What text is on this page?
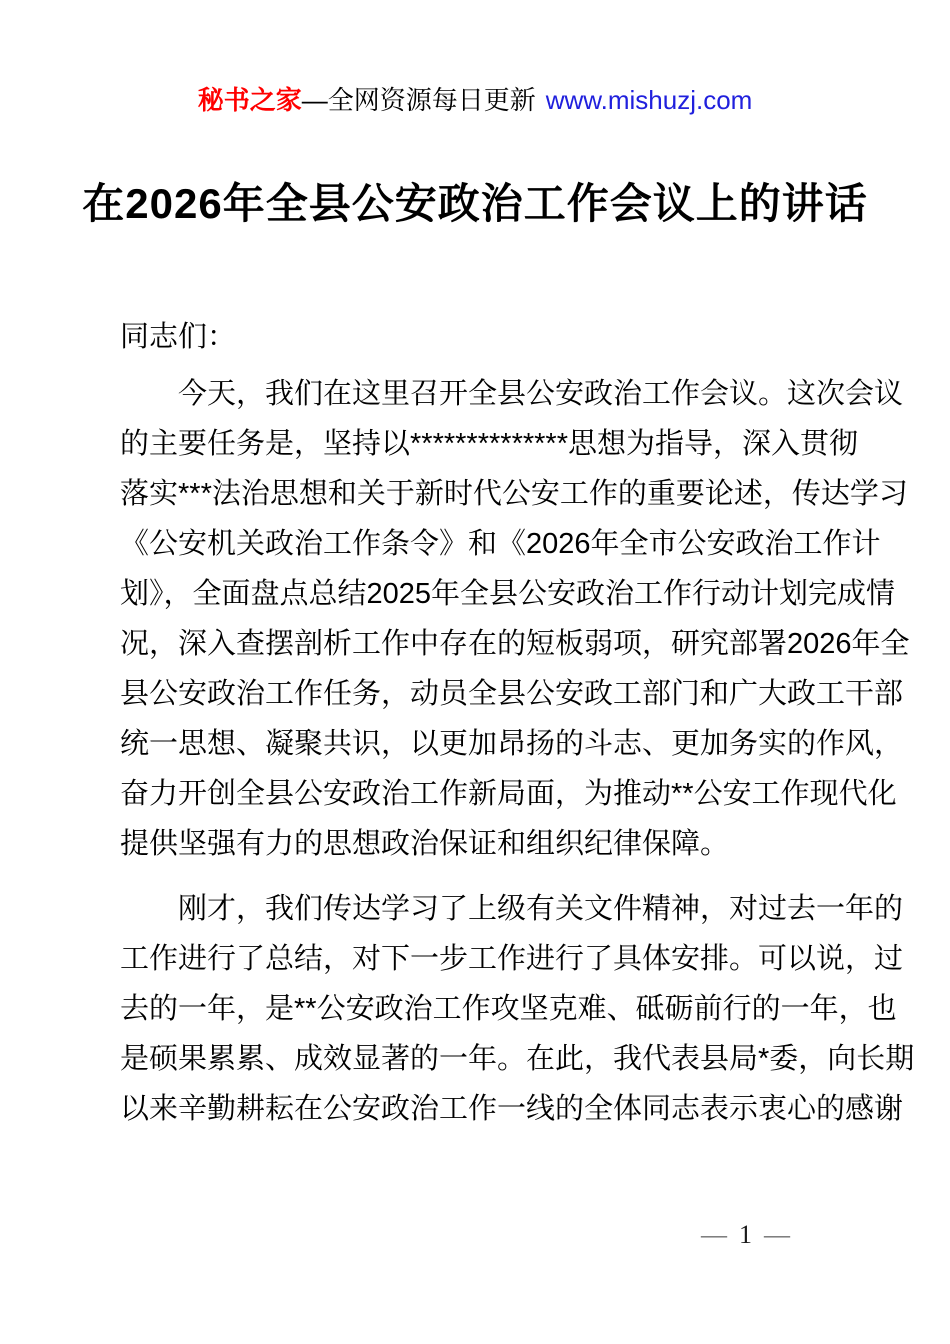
秘书之家—全网资源每日更新 www.mishuzj.com
在2026年全县公安政治工作会议上的讲话
同志们：
今天，我们在这里召开全县公安政治工作会议。这次会议
的主要任务是，坚持以**************思想为指导，深入贯彻
落实***法治思想和关于新时代公安工作的重要论述，传达学习
《公安机关政治工作条令》和《2026年全市公安政治工作计
划》，全面盘点总结2025年全县公安政治工作行动计划完成情
况，深入查摆剖析工作中存在的短板弱项，研究部署2026年全
县公安政治工作任务，动员全县公安政工部门和广大政工干部
统一思想、凝聚共识，以更加昂扬的斗志、更加务实的作风，
奋力开创全县公安政治工作新局面，为推动**公安工作现代化
提供坚强有力的思想政治保证和组织纪律保障。
刚才，我们传达学习了上级有关文件精神，对过去一年的
工作进行了总结，对下一步工作进行了具体安排。可以说，过
去的一年，是**公安政治工作攻坚克难、砥砺前行的一年，也
是硕果累累、成效显著的一年。在此，我代表县局*委，向长期
以来辛勤耕耘在公安政治工作一线的全体同志表示衷心的感谢
— 1 —
